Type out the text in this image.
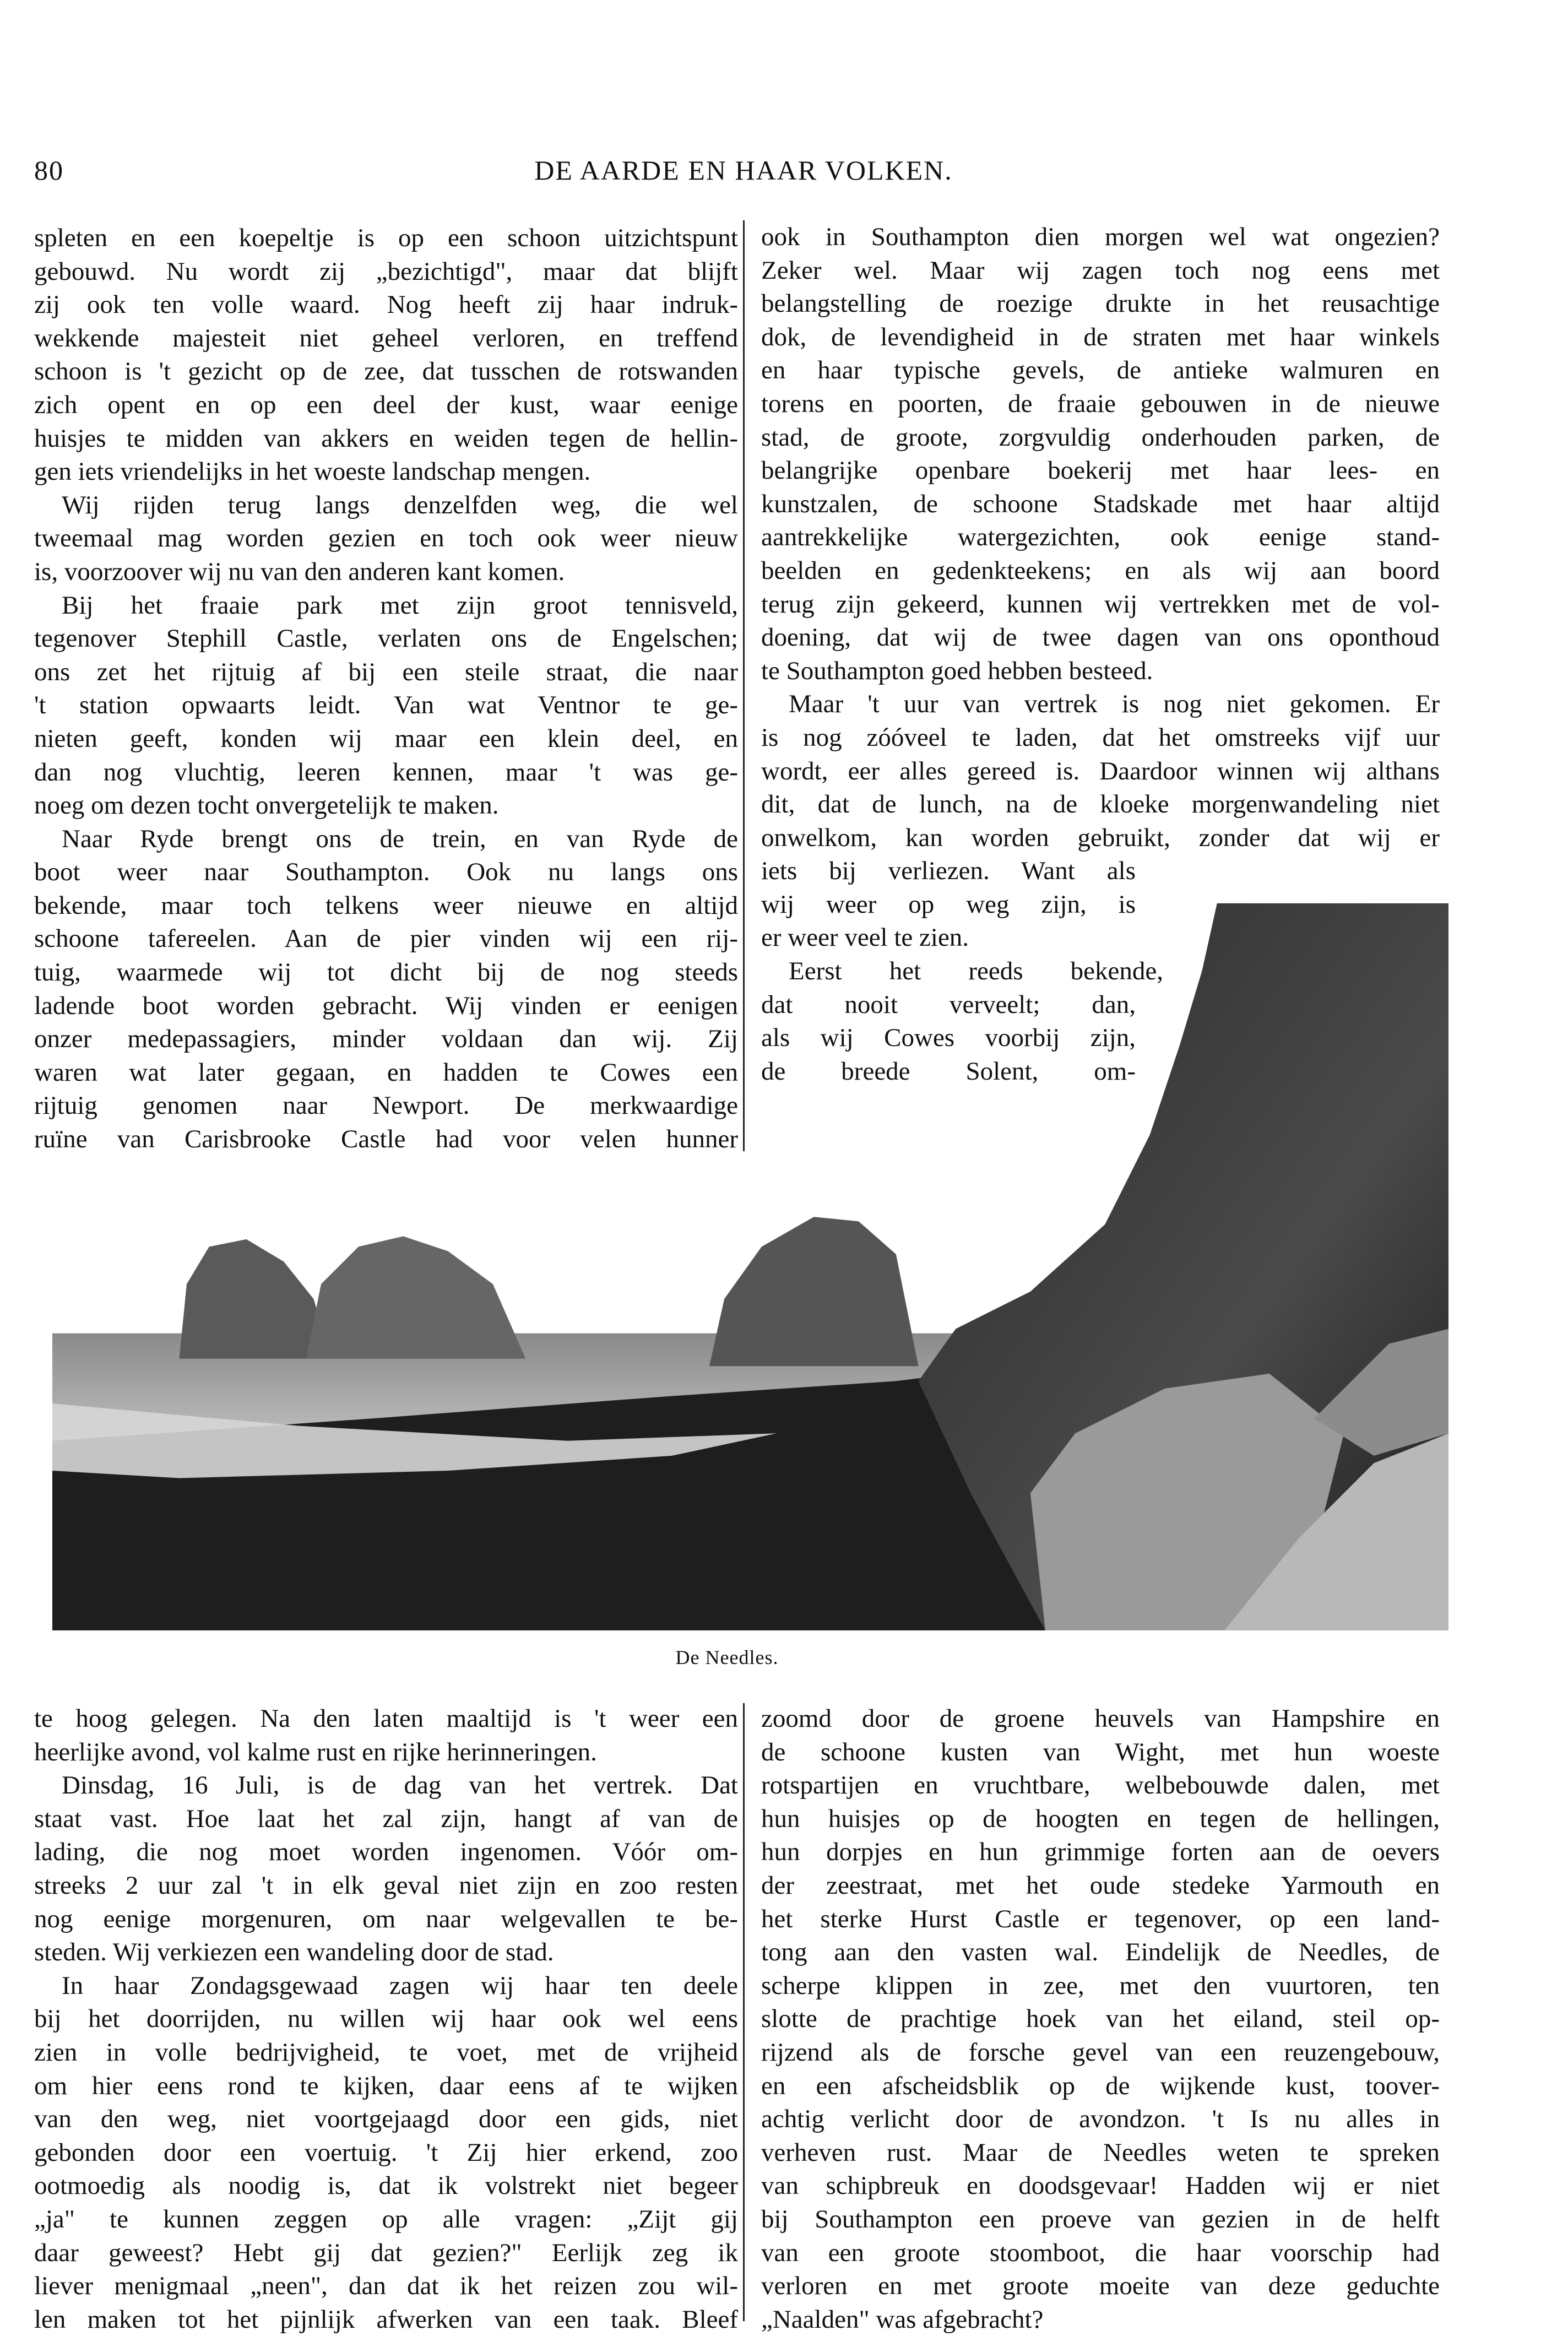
80	DE AARDE EN HAAR VOLKEN.
spleten en een koepeltje is op een schoon uitzichtspunt
gebouwd. Nu wordt zij „bezichtigd", maar dat blijft
zij ook ten volle waard. Nog heeft zij haar indruk-
wekkende majesteit niet geheel verloren, en treffend
schoon is 't gezicht op de zee, dat tusschen de rotswanden
zich opent en op een deel der kust, waar eenige
huisjes te midden van akkers en weiden tegen de hellin-
gen iets vriendelijks in het woeste landschap mengen.
Wij rijden terug langs denzelfden weg, die wel
tweemaal mag worden gezien en toch ook weer nieuw
is, voorzoover wij nu van den anderen kant komen.
Bij het fraaie park met zijn groot tennisveld,
tegenover Stephill Castle, verlaten ons de Engelschen;
ons zet het rijtuig af bij een steile straat, die naar
't station opwaarts leidt. Van wat Ventnor te ge-
nieten geeft, konden wij maar een klein deel, en
dan nog vluchtig, leeren kennen, maar 't was ge-
noeg om dezen tocht onvergetelijk te maken.
Naar Ryde brengt ons de trein, en van Ryde de
boot weer naar Southampton. Ook nu langs ons
bekende, maar toch telkens weer nieuwe en altijd
schoone tafereelen. Aan de pier vinden wij een rij-
tuig, waarmede wij tot dicht bij de nog steeds
ladende boot worden gebracht. Wij vinden er eenigen
onzer medepassagiers, minder voldaan dan wij. Zij
waren wat later gegaan, en hadden te Cowes een
rijtuig genomen naar Newport. De merkwaardige
ruïne van Carisbrooke Castle had voor velen hunner
ook in Southampton dien morgen wel wat ongezien?
Zeker wel. Maar wij zagen toch nog eens met
belangstelling de roezige drukte in het reusachtige
dok, de levendigheid in de straten met haar winkels
en haar typische gevels, de antieke walmuren en
torens en poorten, de fraaie gebouwen in de nieuwe
stad, de groote, zorgvuldig onderhouden parken, de
belangrijke openbare boekerij met haar lees- en
kunstzalen, de schoone Stadskade met haar altijd
aantrekkelijke watergezichten, ook eenige stand-
beelden en gedenkteekens; en als wij aan boord
terug zijn gekeerd, kunnen wij vertrekken met de vol-
doening, dat wij de twee dagen van ons oponthoud
te Southampton goed hebben besteed.
Maar 't uur van vertrek is nog niet gekomen. Er
is nog zóóveel te laden, dat het omstreeks vijf uur
wordt, eer alles gereed is. Daardoor winnen wij althans
dit, dat de lunch, na de kloeke morgenwandeling niet
onwelkom, kan worden gebruikt, zonder dat wij er
iets bij verliezen. Want als
wij weer op weg zijn, is
er weer veel te zien.
Eerst het reeds bekende,
dat nooit verveelt; dan,
als wij Cowes voorbij zijn,
de breede Solent, om-
De Needles.
te hoog gelegen. Na den laten maaltijd is 't weer een
heerlijke avond, vol kalme rust en rijke herinneringen.
Dinsdag, 16 Juli, is de dag van het vertrek. Dat
staat vast. Hoe laat het zal zijn, hangt af van de
lading, die nog moet worden ingenomen. Vóór om-
streeks 2 uur zal 't in elk geval niet zijn en zoo resten
nog eenige morgenuren, om naar welgevallen te be-
steden. Wij verkiezen een wandeling door de stad.
In haar Zondagsgewaad zagen wij haar ten deele
bij het doorrijden, nu willen wij haar ook wel eens
zien in volle bedrijvigheid, te voet, met de vrijheid
om hier eens rond te kijken, daar eens af te wijken
van den weg, niet voortgejaagd door een gids, niet
gebonden door een voertuig. 't Zij hier erkend, zoo
ootmoedig als noodig is, dat ik volstrekt niet begeer
„ja" te kunnen zeggen op alle vragen: „Zijt gij
daar geweest? Hebt gij dat gezien?" Eerlijk zeg ik
liever menigmaal „neen", dan dat ik het reizen zou wil-
len maken tot het pijnlijk afwerken van een taak. Bleef
zoomd door de groene heuvels van Hampshire en
de schoone kusten van Wight, met hun woeste
rotspartijen en vruchtbare, welbebouwde dalen, met
hun huisjes op de hoogten en tegen de hellingen,
hun dorpjes en hun grimmige forten aan de oevers
der zeestraat, met het oude stedeke Yarmouth en
het sterke Hurst Castle er tegenover, op een land-
tong aan den vasten wal. Eindelijk de Needles, de
scherpe klippen in zee, met den vuurtoren, ten
slotte de prachtige hoek van het eiland, steil op-
rijzend als de forsche gevel van een reuzengebouw,
en een afscheidsblik op de wijkende kust, toover-
achtig verlicht door de avondzon. 't Is nu alles in
verheven rust. Maar de Needles weten te spreken
van schipbreuk en doodsgevaar! Hadden wij er niet
bij Southampton een proeve van gezien in de helft
van een groote stoomboot, die haar voorschip had
verloren en met groote moeite van deze geduchte
„Naalden" was afgebracht?
